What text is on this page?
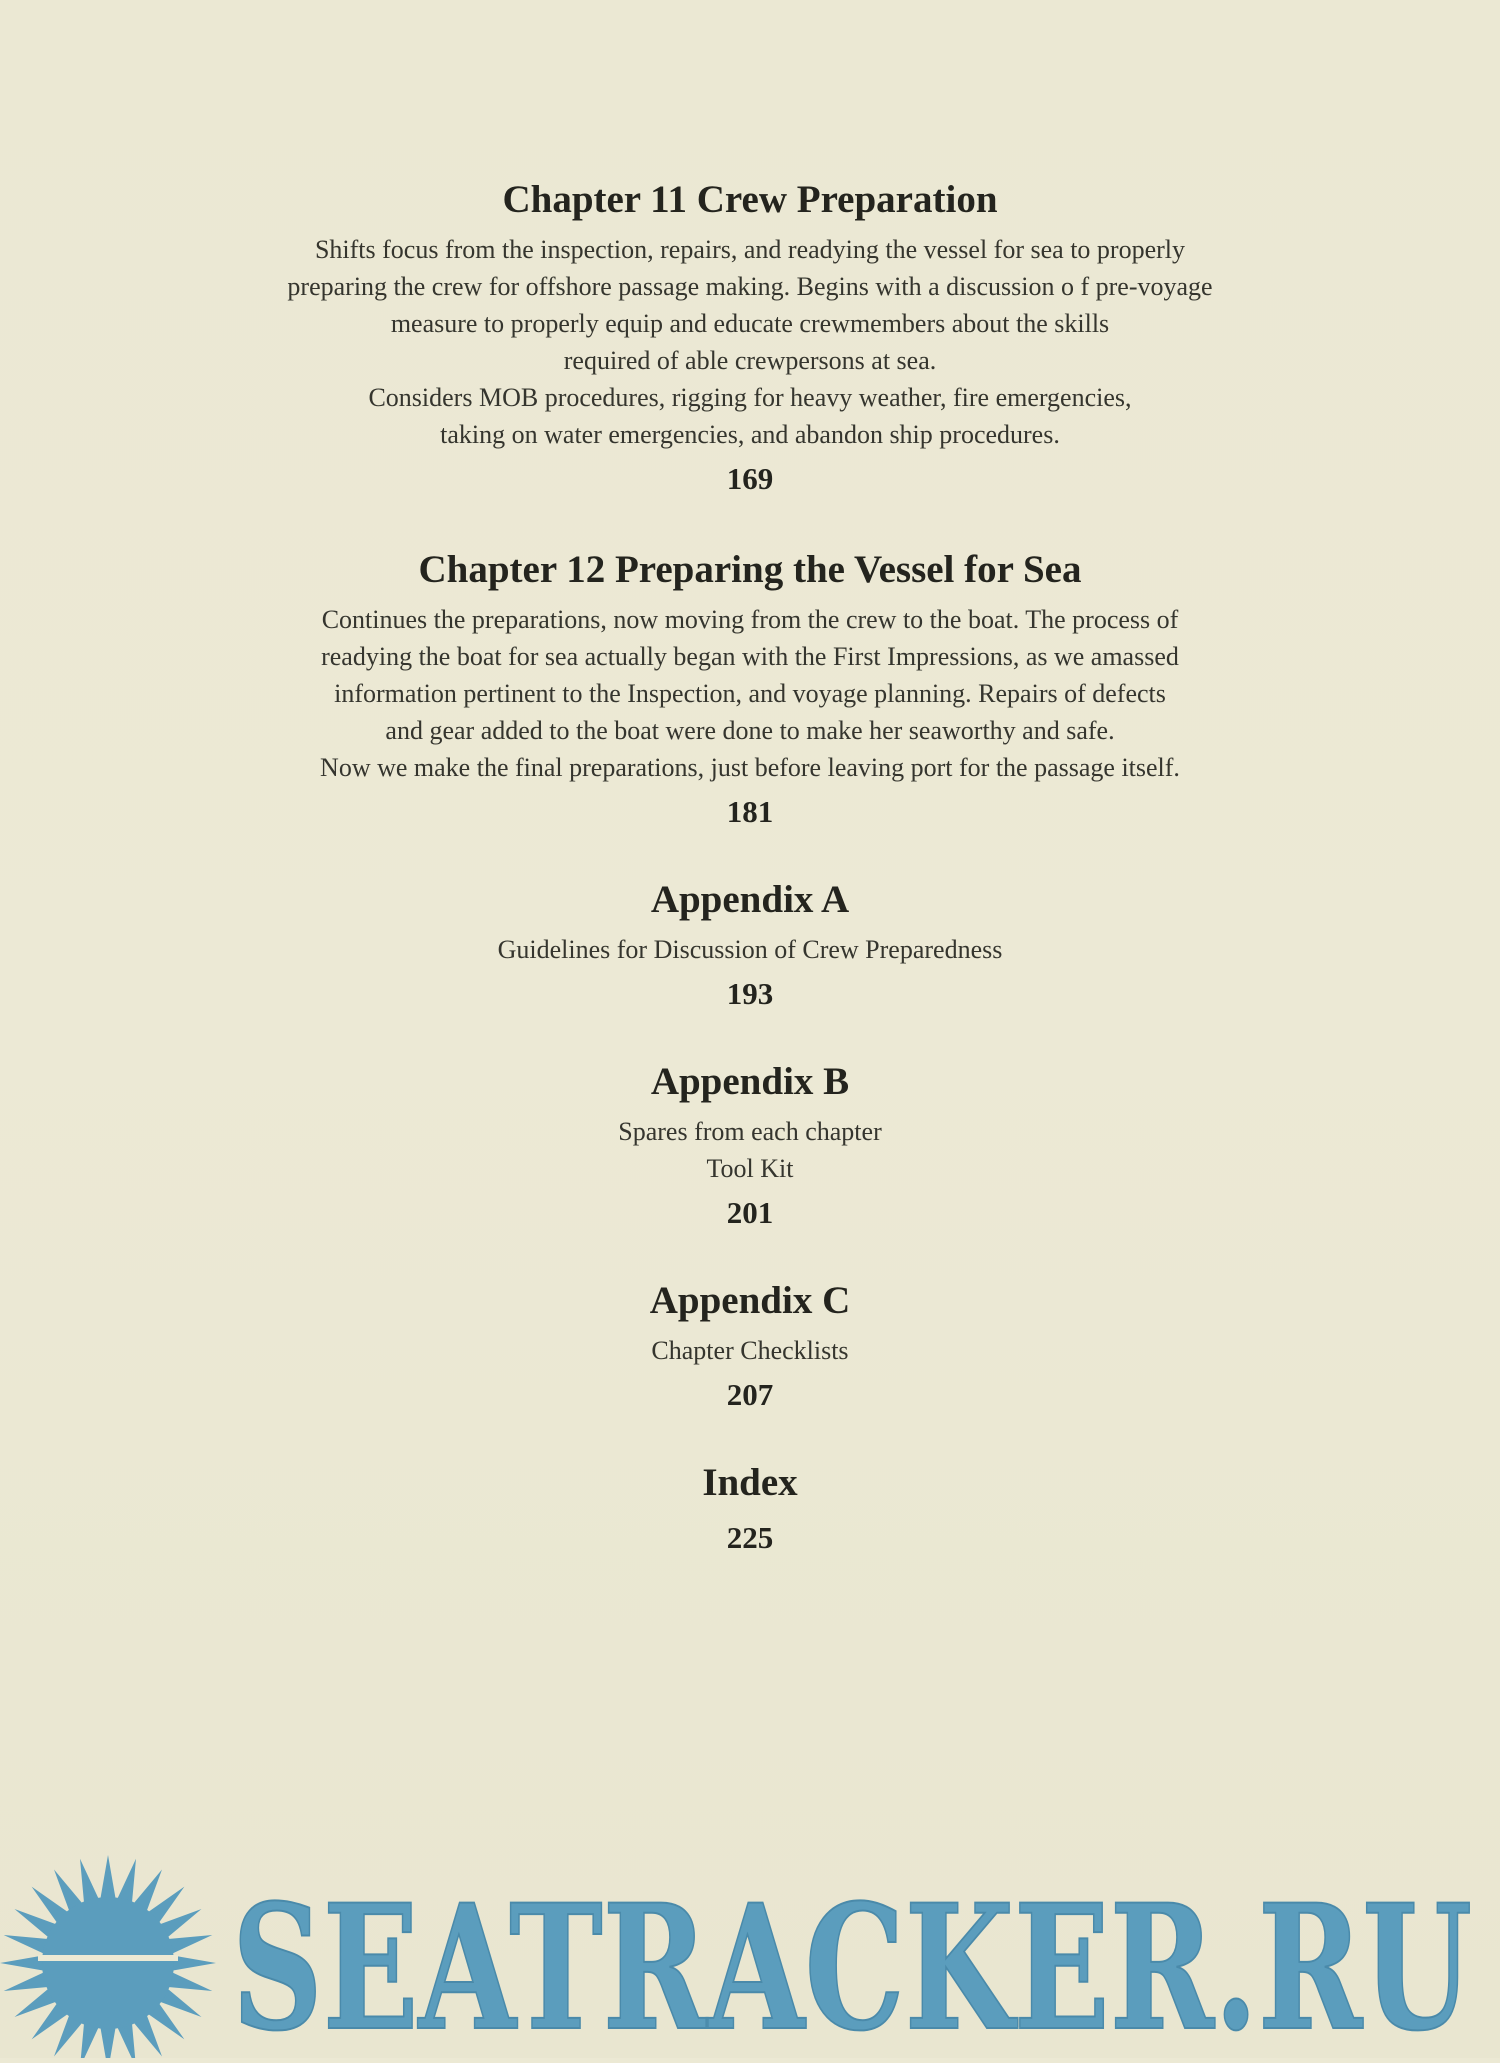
Chapter 11 Crew Preparation
Shifts focus from the inspection, repairs, and readying the vessel for sea to properly
preparing the crew for offshore passage making. Begins with a discussion o f pre-voyage
measure to properly equip and educate crewmembers about the skills
required of able crewpersons at sea.
Considers MOB procedures, rigging for heavy weather, fire emergencies,
taking on water emergencies, and abandon ship procedures.
169
Chapter 12 Preparing the Vessel for Sea
Continues the preparations, now moving from the crew to the boat. The process of
readying the boat for sea actually began with the First Impressions, as we amassed
information pertinent to the Inspection, and voyage planning. Repairs of defects
and gear added to the boat were done to make her seaworthy and safe.
Now we make the final preparations, just before leaving port for the passage itself.
181
Appendix A
Guidelines for Discussion of Crew Preparedness
193
Appendix B
Spares from each chapter
Tool Kit
201
Appendix C
Chapter Checklists
207
Index
225
SEATRACKER.RU
